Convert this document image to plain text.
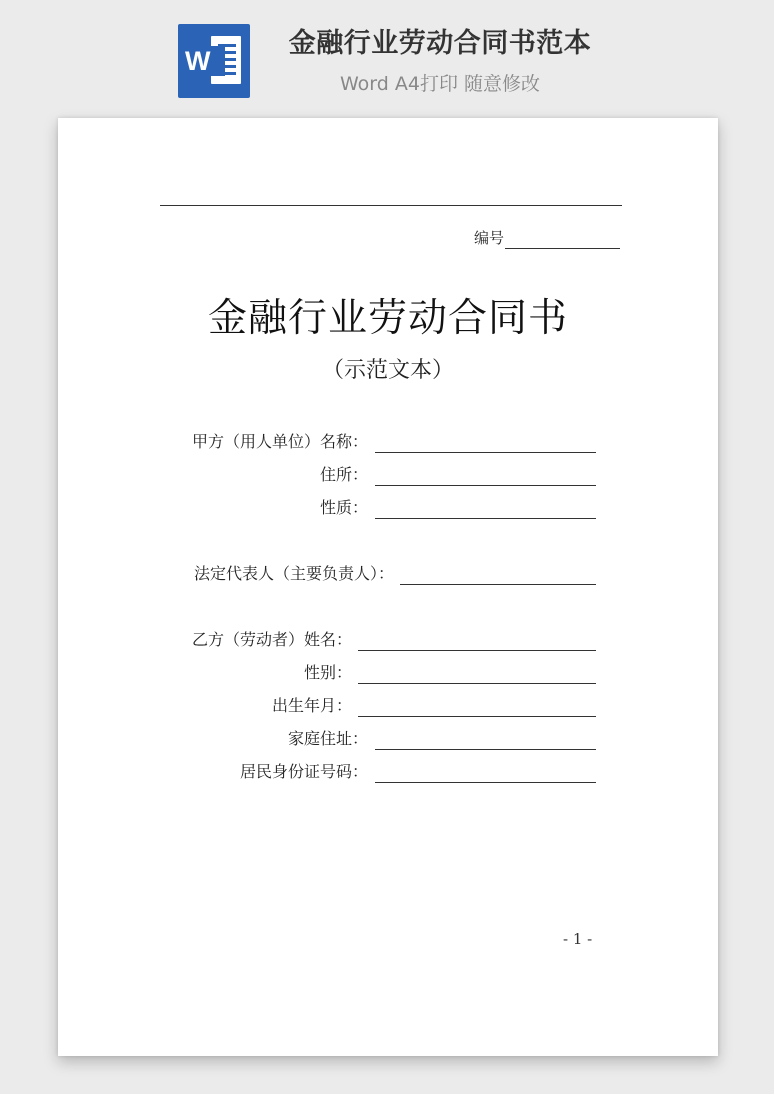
W
金融行业劳动合同书范本
Word A4打印 随意修改
编号
金融行业劳动合同书
（示范文本）
甲方（用人单位）名称：
住所：
性质：
法定代表人（主要负责人）：
乙方（劳动者）姓名：
性别：
出生年月：
家庭住址：
居民身份证号码：
- 1 -
